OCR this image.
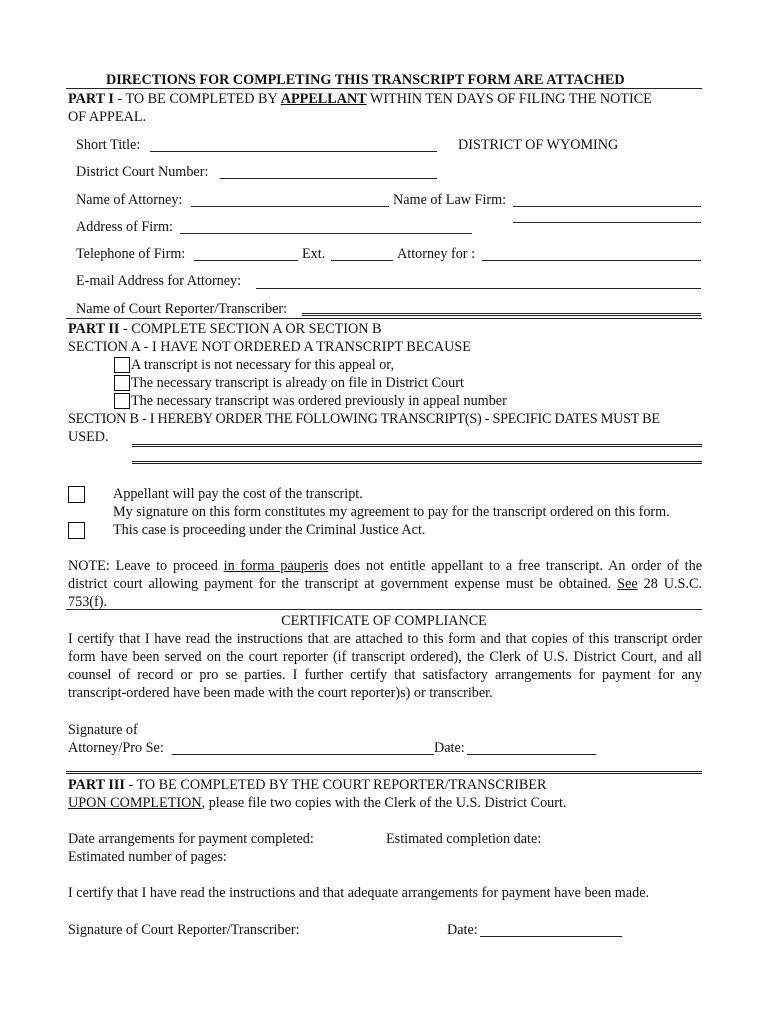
DIRECTIONS FOR COMPLETING THIS TRANSCRIPT FORM ARE ATTACHED
PART I - TO BE COMPLETED BY APPELLANT WITHIN TEN DAYS OF FILING THE NOTICE
OF APPEAL.
Short Title:	DISTRICT OF WYOMING
District Court Number:
Name of Attorney:	Name of Law Firm:
Address of Firm:
Telephone of Firm:	Ext.	Attorney for :
E-mail Address for Attorney:
Name of Court Reporter/Transcriber:
PART II - COMPLETE SECTION A OR SECTION B
SECTION A - I HAVE NOT ORDERED A TRANSCRIPT BECAUSE
A transcript is not necessary for this appeal or,
The necessary transcript is already on file in District Court
The necessary transcript was ordered previously in appeal number
SECTION B - I HEREBY ORDER THE FOLLOWING TRANSCRIPT(S) - SPECIFIC DATES MUST BE
USED.
Appellant will pay the cost of the transcript.
My signature on this form constitutes my agreement to pay for the transcript ordered on this form.
This case is proceeding under the Criminal Justice Act.
NOTE: Leave to proceed in forma pauperis does not entitle appellant to a free transcript. An order of the district court allowing payment for the transcript at government expense must be obtained. See 28 U.S.C. 753(f).
CERTIFICATE OF COMPLIANCE
I certify that I have read the instructions that are attached to this form and that copies of this transcript order form have been served on the court reporter (if transcript ordered), the Clerk of U.S. District Court, and all counsel of record or pro se parties. I further certify that satisfactory arrangements for payment for any transcript-ordered have been made with the court reporter)s) or transcriber.
Signature of
Attorney/Pro Se:	Date:
PART III - TO BE COMPLETED BY THE COURT REPORTER/TRANSCRIBER
UPON COMPLETION, please file two copies with the Clerk of the U.S. District Court.
Date arrangements for payment completed:	Estimated completion date:
Estimated number of pages:
I certify that I have read the instructions and that adequate arrangements for payment have been made.
Signature of Court Reporter/Transcriber:	Date:
